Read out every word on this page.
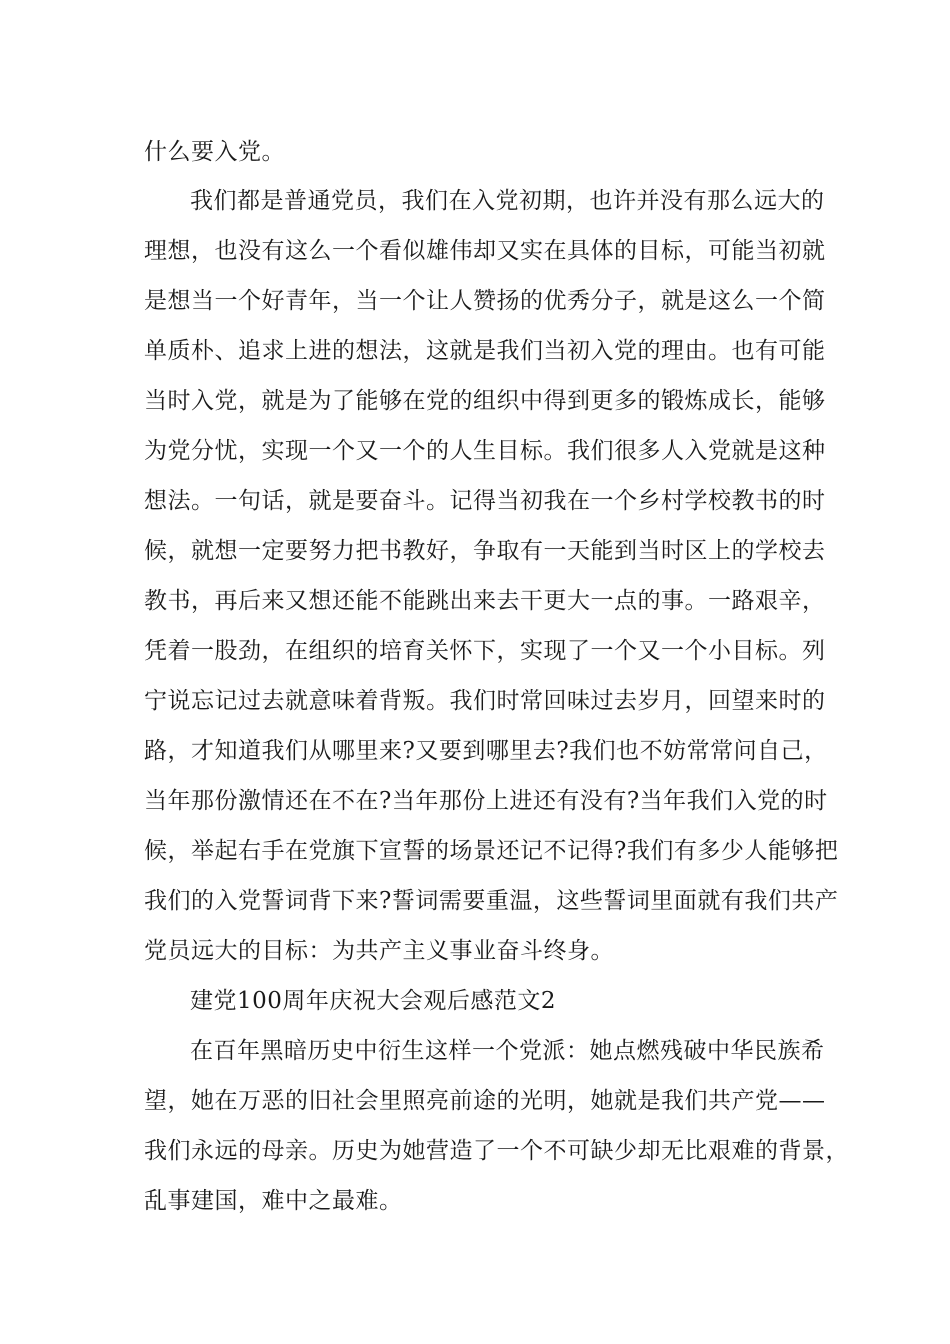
什么要入党。

我们都是普通党员，我们在入党初期，也许并没有那么远大的

理想，也没有这么一个看似雄伟却又实在具体的目标，可能当初就

是想当一个好青年，当一个让人赞扬的优秀分子，就是这么一个简

单质朴、追求上进的想法，这就是我们当初入党的理由。也有可能

当时入党，就是为了能够在党的组织中得到更多的锻炼成长，能够

为党分忧，实现一个又一个的人生目标。我们很多人入党就是这种

想法。一句话，就是要奋斗。记得当初我在一个乡村学校教书的时

候，就想一定要努力把书教好，争取有一天能到当时区上的学校去

教书，再后来又想还能不能跳出来去干更大一点的事。一路艰辛，

凭着一股劲，在组织的培育关怀下，实现了一个又一个小目标。列

宁说忘记过去就意味着背叛。我们时常回味过去岁月，回望来时的

路，才知道我们从哪里来?又要到哪里去?我们也不妨常常问自己，

当年那份激情还在不在?当年那份上进还有没有?当年我们入党的时

候，举起右手在党旗下宣誓的场景还记不记得?我们有多少人能够把

我们的入党誓词背下来?誓词需要重温，这些誓词里面就有我们共产

党员远大的目标：为共产主义事业奋斗终身。

建党100周年庆祝大会观后感范文2

在百年黑暗历史中衍生这样一个党派：她点燃残破中华民族希

望，她在万恶的旧社会里照亮前途的光明，她就是我们共产党——

我们永远的母亲。历史为她营造了一个不可缺少却无比艰难的背景，

乱事建国，难中之最难。
